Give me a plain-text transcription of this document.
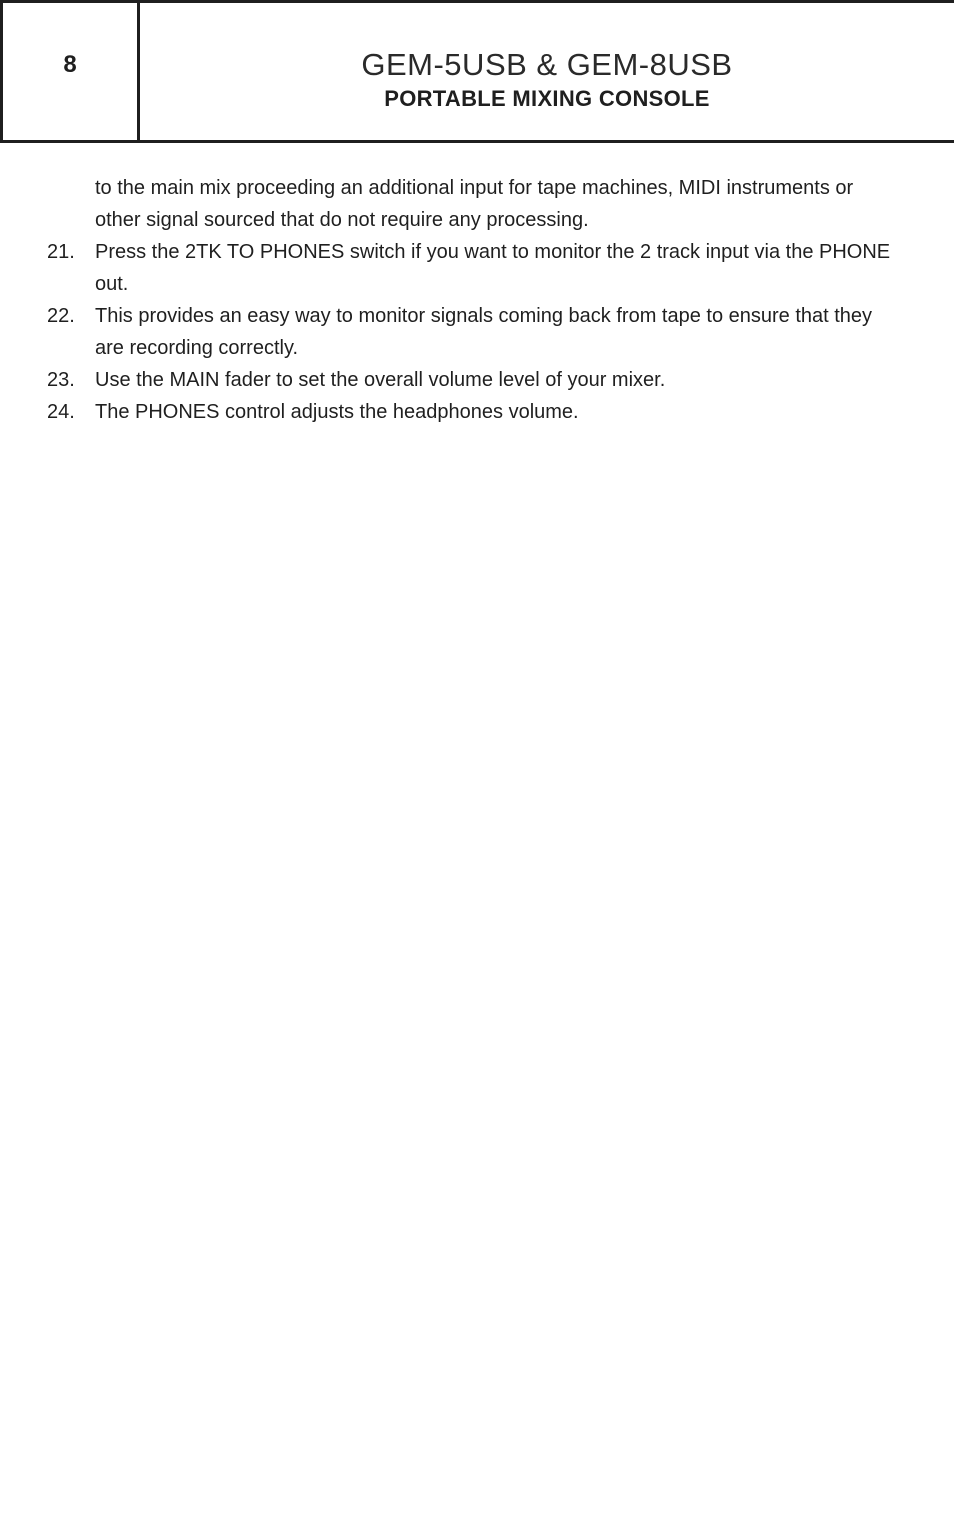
8	GEM-5USB & GEM-8USB
PORTABLE MIXING CONSOLE
to the main mix proceeding an additional input for tape machines, MIDI instruments or other signal sourced that do not require any processing.
21. Press the 2TK TO PHONES switch if you want to monitor the 2 track input via the PHONE out.
22. This provides an easy way to monitor signals coming back from tape to ensure that they are recording correctly.
23. Use the MAIN fader to set the overall volume level of your mixer.
24. The PHONES control adjusts the headphones volume.
